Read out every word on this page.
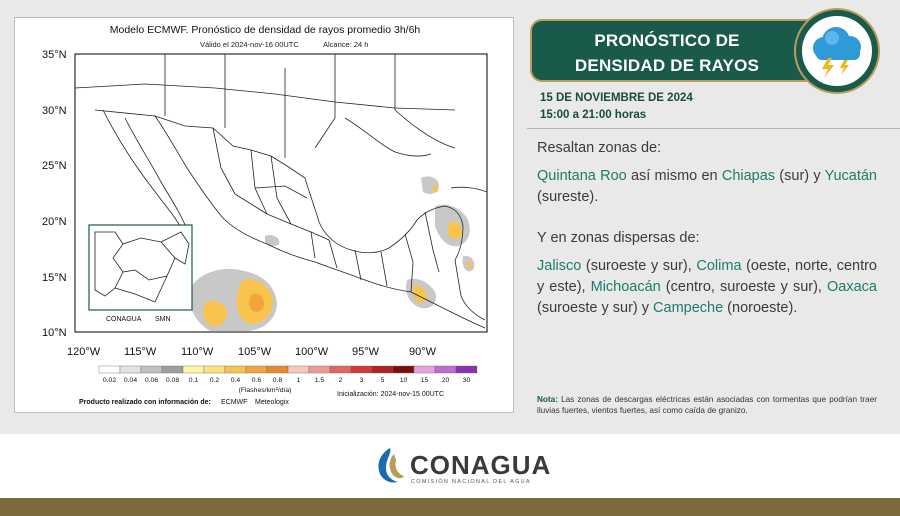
Modelo ECMWF. Pronóstico de densidad de rayos promedio 3h/6h
Válido el 2024-nov-16 00UTC	Alcance: 24 h
CONAGUA SMN
35°N
30°N
25°N
20°N
15°N
10°N
120°W 115°W 110°W 105°W 100°W 95°W	90°W
0.02 0.04 0.06 0.08 0.1 0.2 0.4 0.6 0.8 1 1.5 2	3	5 10 15 20 30
(Flashes/km²/día)
Producto realizado con información de: ECMWF Meteologix
Inicialización: 2024-nov-15 00UTC
PRONÓSTICO DE
DENSIDAD DE RAYOS
15 DE NOVIEMBRE DE 2024
15:00 a 21:00 horas

Resaltan zonas de:

Quintana Roo así mismo en Chiapas (sur) y Yucatán (sureste).

Y en zonas dispersas de:

Jalisco (suroeste y sur), Colima (oeste, norte, centro y este), Michoacán (centro, suroeste y sur), Oaxaca (suroeste y sur) y Campeche (noroeste).

Nota: Las zonas de descargas eléctricas están asociadas con tormentas que podrían traer lluvias fuertes, vientos fuertes, así como caída de granizo.
CONAGUA
COMISIÓN NACIONAL DEL AGUA
